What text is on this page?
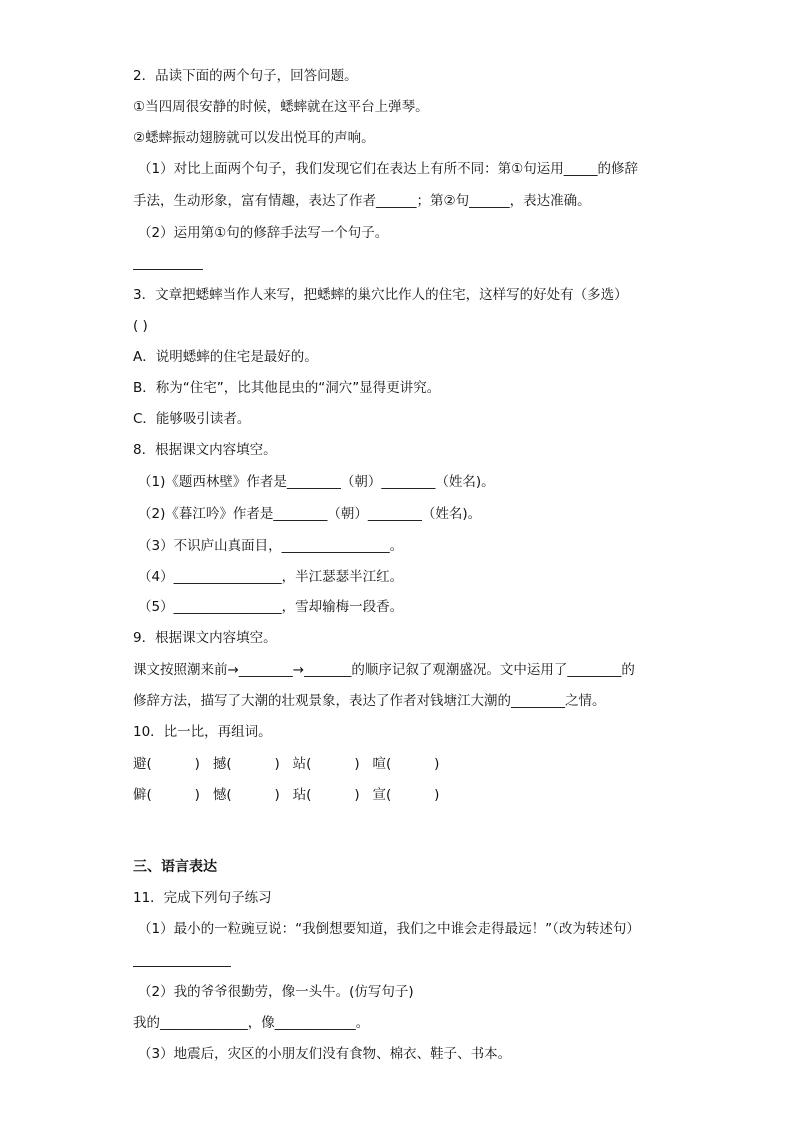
2．品读下面的两个句子，回答问题。
①当四周很安静的时候，蟋蟀就在这平台上弹琴。
②蟋蟀振动翅膀就可以发出悦耳的声响。
（1）对比上面两个句子，我们发现它们在表达上有所不同：第①句运用_____的修辞
手法，生动形象，富有情趣，表达了作者______；第②句______，表达准确。
（2）运用第①句的修辞手法写一个句子。
3．文章把蟋蟀当作人来写，把蟋蟀的巢穴比作人的住宅，这样写的好处有（多选）
( )
A．说明蟋蟀的住宅是最好的。
B．称为“住宅”，比其他昆虫的“洞穴”显得更讲究。
C．能够吸引读者。
8．根据课文内容填空。
（1)《题西林壁》作者是________（朝）________（姓名)。
（2)《暮江吟》作者是________（朝）________（姓名)。
（3）不识庐山真面目，________________。
（4）________________，半江瑟瑟半江红。
（5）________________，雪却输梅一段香。
9．根据课文内容填空。
课文按照潮来前→________→_______的顺序记叙了观潮盛况。文中运用了________的
修辞方法，描写了大潮的壮观景象，表达了作者对钱塘江大潮的________之情。
10．比一比，再组词。
避(          )   撼(          )   站(          )   喧(          )
僻(          )   憾(          )   玷(          )   宣(          )
三、语言表达
11．完成下列句子练习
（1）最小的一粒豌豆说：“我倒想要知道，我们之中谁会走得最远！”（改为转述句）
（2）我的爷爷很勤劳，像一头牛。(仿写句子)
我的_____________，像____________。
（3）地震后，灾区的小朋友们没有食物、棉衣、鞋子、书本。
